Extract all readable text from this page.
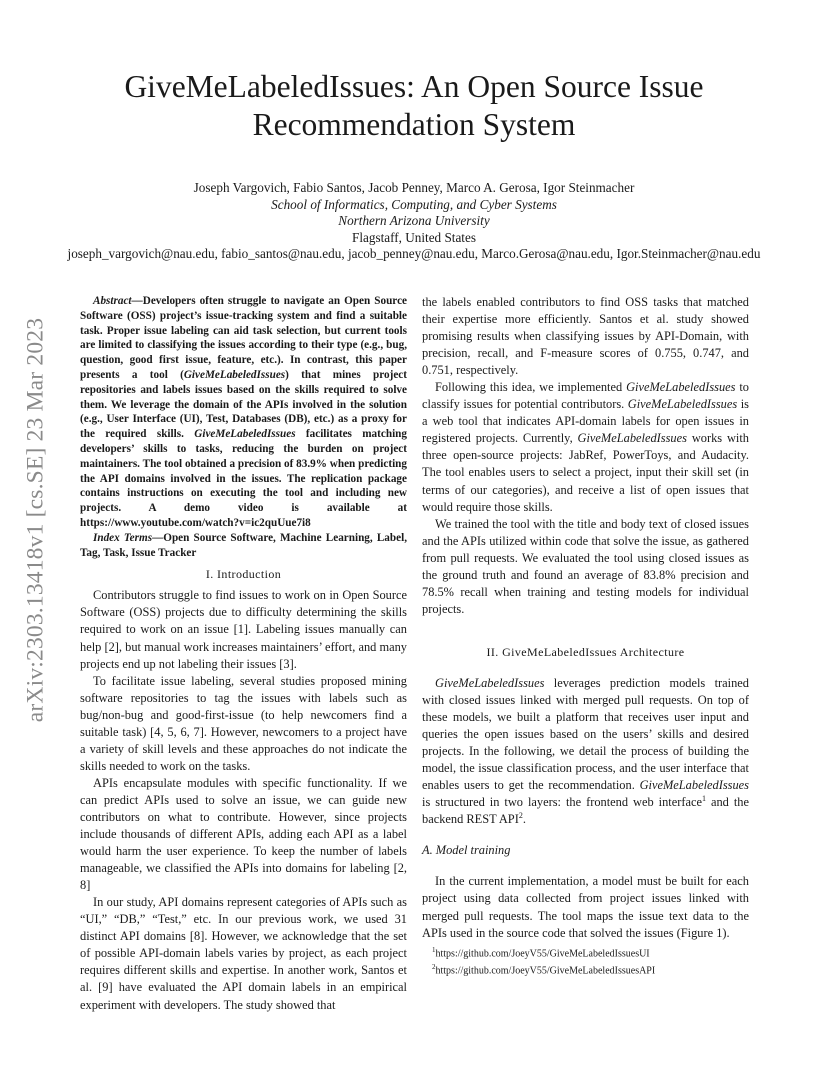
arXiv:2303.13418v1 [cs.SE] 23 Mar 2023
GiveMeLabeledIssues: An Open Source Issue
Recommendation System
Joseph Vargovich, Fabio Santos, Jacob Penney, Marco A. Gerosa, Igor Steinmacher
School of Informatics, Computing, and Cyber Systems
Northern Arizona University
Flagstaff, United States
joseph_vargovich@nau.edu, fabio_santos@nau.edu, jacob_penney@nau.edu, Marco.Gerosa@nau.edu, Igor.Steinmacher@nau.edu

Abstract—Developers often struggle to navigate an Open Source Software (OSS) project’s issue-tracking system and find a suitable task. Proper issue labeling can aid task selection, but current tools are limited to classifying the issues according to their type (e.g., bug, question, good first issue, feature, etc.). In contrast, this paper presents a tool (GiveMeLabeledIssues) that mines project repositories and labels issues based on the skills required to solve them. We leverage the domain of the APIs involved in the solution (e.g., User Interface (UI), Test, Databases (DB), etc.) as a proxy for the required skills. GiveMeLabeledIssues facilitates matching developers’ skills to tasks, reducing the burden on project maintainers. The tool obtained a precision of 83.9% when predicting the API domains involved in the issues. The replication package contains instructions on executing the tool and including new projects. A demo video is available at https://www.youtube.com/watch?v=ic2quUue7i8

Index Terms—Open Source Software, Machine Learning, Label, Tag, Task, Issue Tracker

I. Introduction

Contributors struggle to find issues to work on in Open Source Software (OSS) projects due to difficulty determining the skills required to work on an issue [1]. Labeling issues manually can help [2], but manual work increases maintainers’ effort, and many projects end up not labeling their issues [3].

To facilitate issue labeling, several studies proposed mining software repositories to tag the issues with labels such as bug/non-bug and good-first-issue (to help newcomers find a suitable task) [4, 5, 6, 7]. However, newcomers to a project have a variety of skill levels and these approaches do not indicate the skills needed to work on the tasks.

APIs encapsulate modules with specific functionality. If we can predict APIs used to solve an issue, we can guide new contributors on what to contribute. However, since projects include thousands of different APIs, adding each API as a label would harm the user experience. To keep the number of labels manageable, we classified the APIs into domains for labeling [2, 8]

In our study, API domains represent categories of APIs such as “UI,” “DB,” “Test,” etc. In our previous work, we used 31 distinct API domains [8]. However, we acknowledge that the set of possible API-domain labels varies by project, as each project requires different skills and expertise. In another work, Santos et al. [9] have evaluated the API domain labels in an empirical experiment with developers. The study showed that

the labels enabled contributors to find OSS tasks that matched their expertise more efficiently. Santos et al. study showed promising results when classifying issues by API-Domain, with precision, recall, and F-measure scores of 0.755, 0.747, and 0.751, respectively.

Following this idea, we implemented GiveMeLabeledIssues to classify issues for potential contributors. GiveMeLabeledIssues is a web tool that indicates API-domain labels for open issues in registered projects. Currently, GiveMeLabeledIssues works with three open-source projects: JabRef, PowerToys, and Audacity. The tool enables users to select a project, input their skill set (in terms of our categories), and receive a list of open issues that would require those skills.

We trained the tool with the title and body text of closed issues and the APIs utilized within code that solve the issue, as gathered from pull requests. We evaluated the tool using closed issues as the ground truth and found an average of 83.8% precision and 78.5% recall when training and testing models for individual projects.

II. GiveMeLabeledIssues Architecture

GiveMeLabeledIssues leverages prediction models trained with closed issues linked with merged pull requests. On top of these models, we built a platform that receives user input and queries the open issues based on the users’ skills and desired projects. In the following, we detail the process of building the model, the issue classification process, and the user interface that enables users to get the recommendation. GiveMeLabeledIssues is structured in two layers: the frontend web interface$^1$ and the backend REST API$^2$.

A. Model training

In the current implementation, a model must be built for each project using data collected from project issues linked with merged pull requests. The tool maps the issue text data to the APIs used in the source code that solved the issues (Figure 1).

$^1$https://github.com/JoeyV55/GiveMeLabeledIssuesUI
$^2$https://github.com/JoeyV55/GiveMeLabeledIssuesAPI
